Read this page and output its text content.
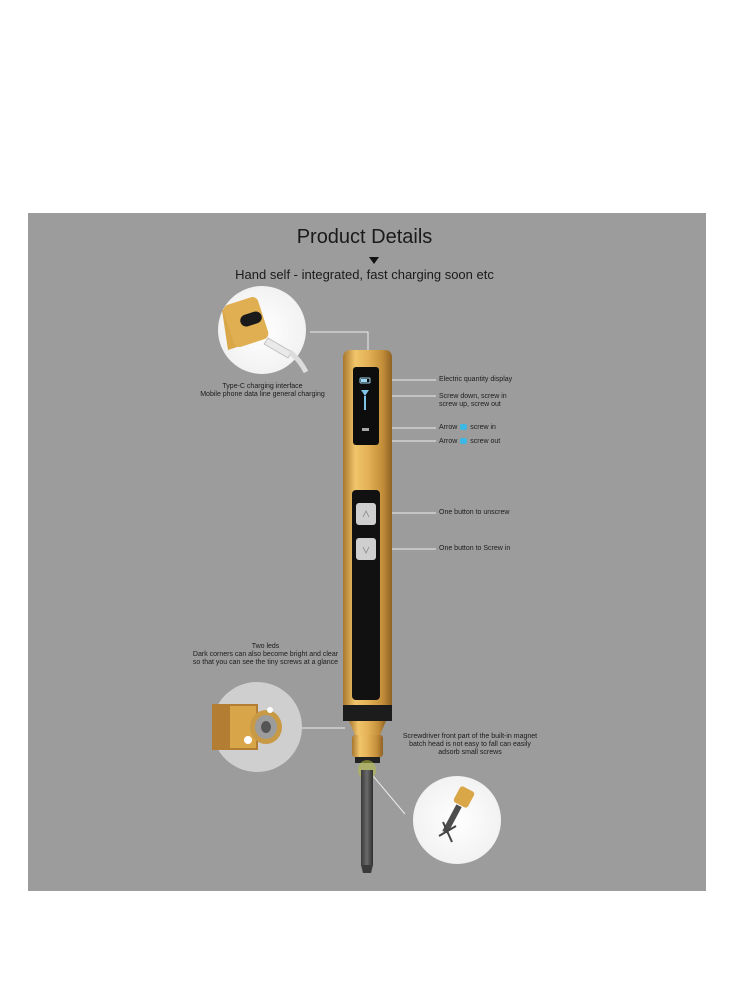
Product Details
Hand self - integrated, fast charging soon etc
Type-C charging interface
Mobile phone data line general charging
Electric quantity display
Screw down, screw in
screw up, screw out
Arrow screw in
Arrow screw out
One button to unscrew
One button to Screw in
Two leds
Dark corners can also become bright and clear
so that you can see the tiny screws at a glance
Screwdriver front part of the built-in magnet
batch head is not easy to fall can easily
adsorb small screws
